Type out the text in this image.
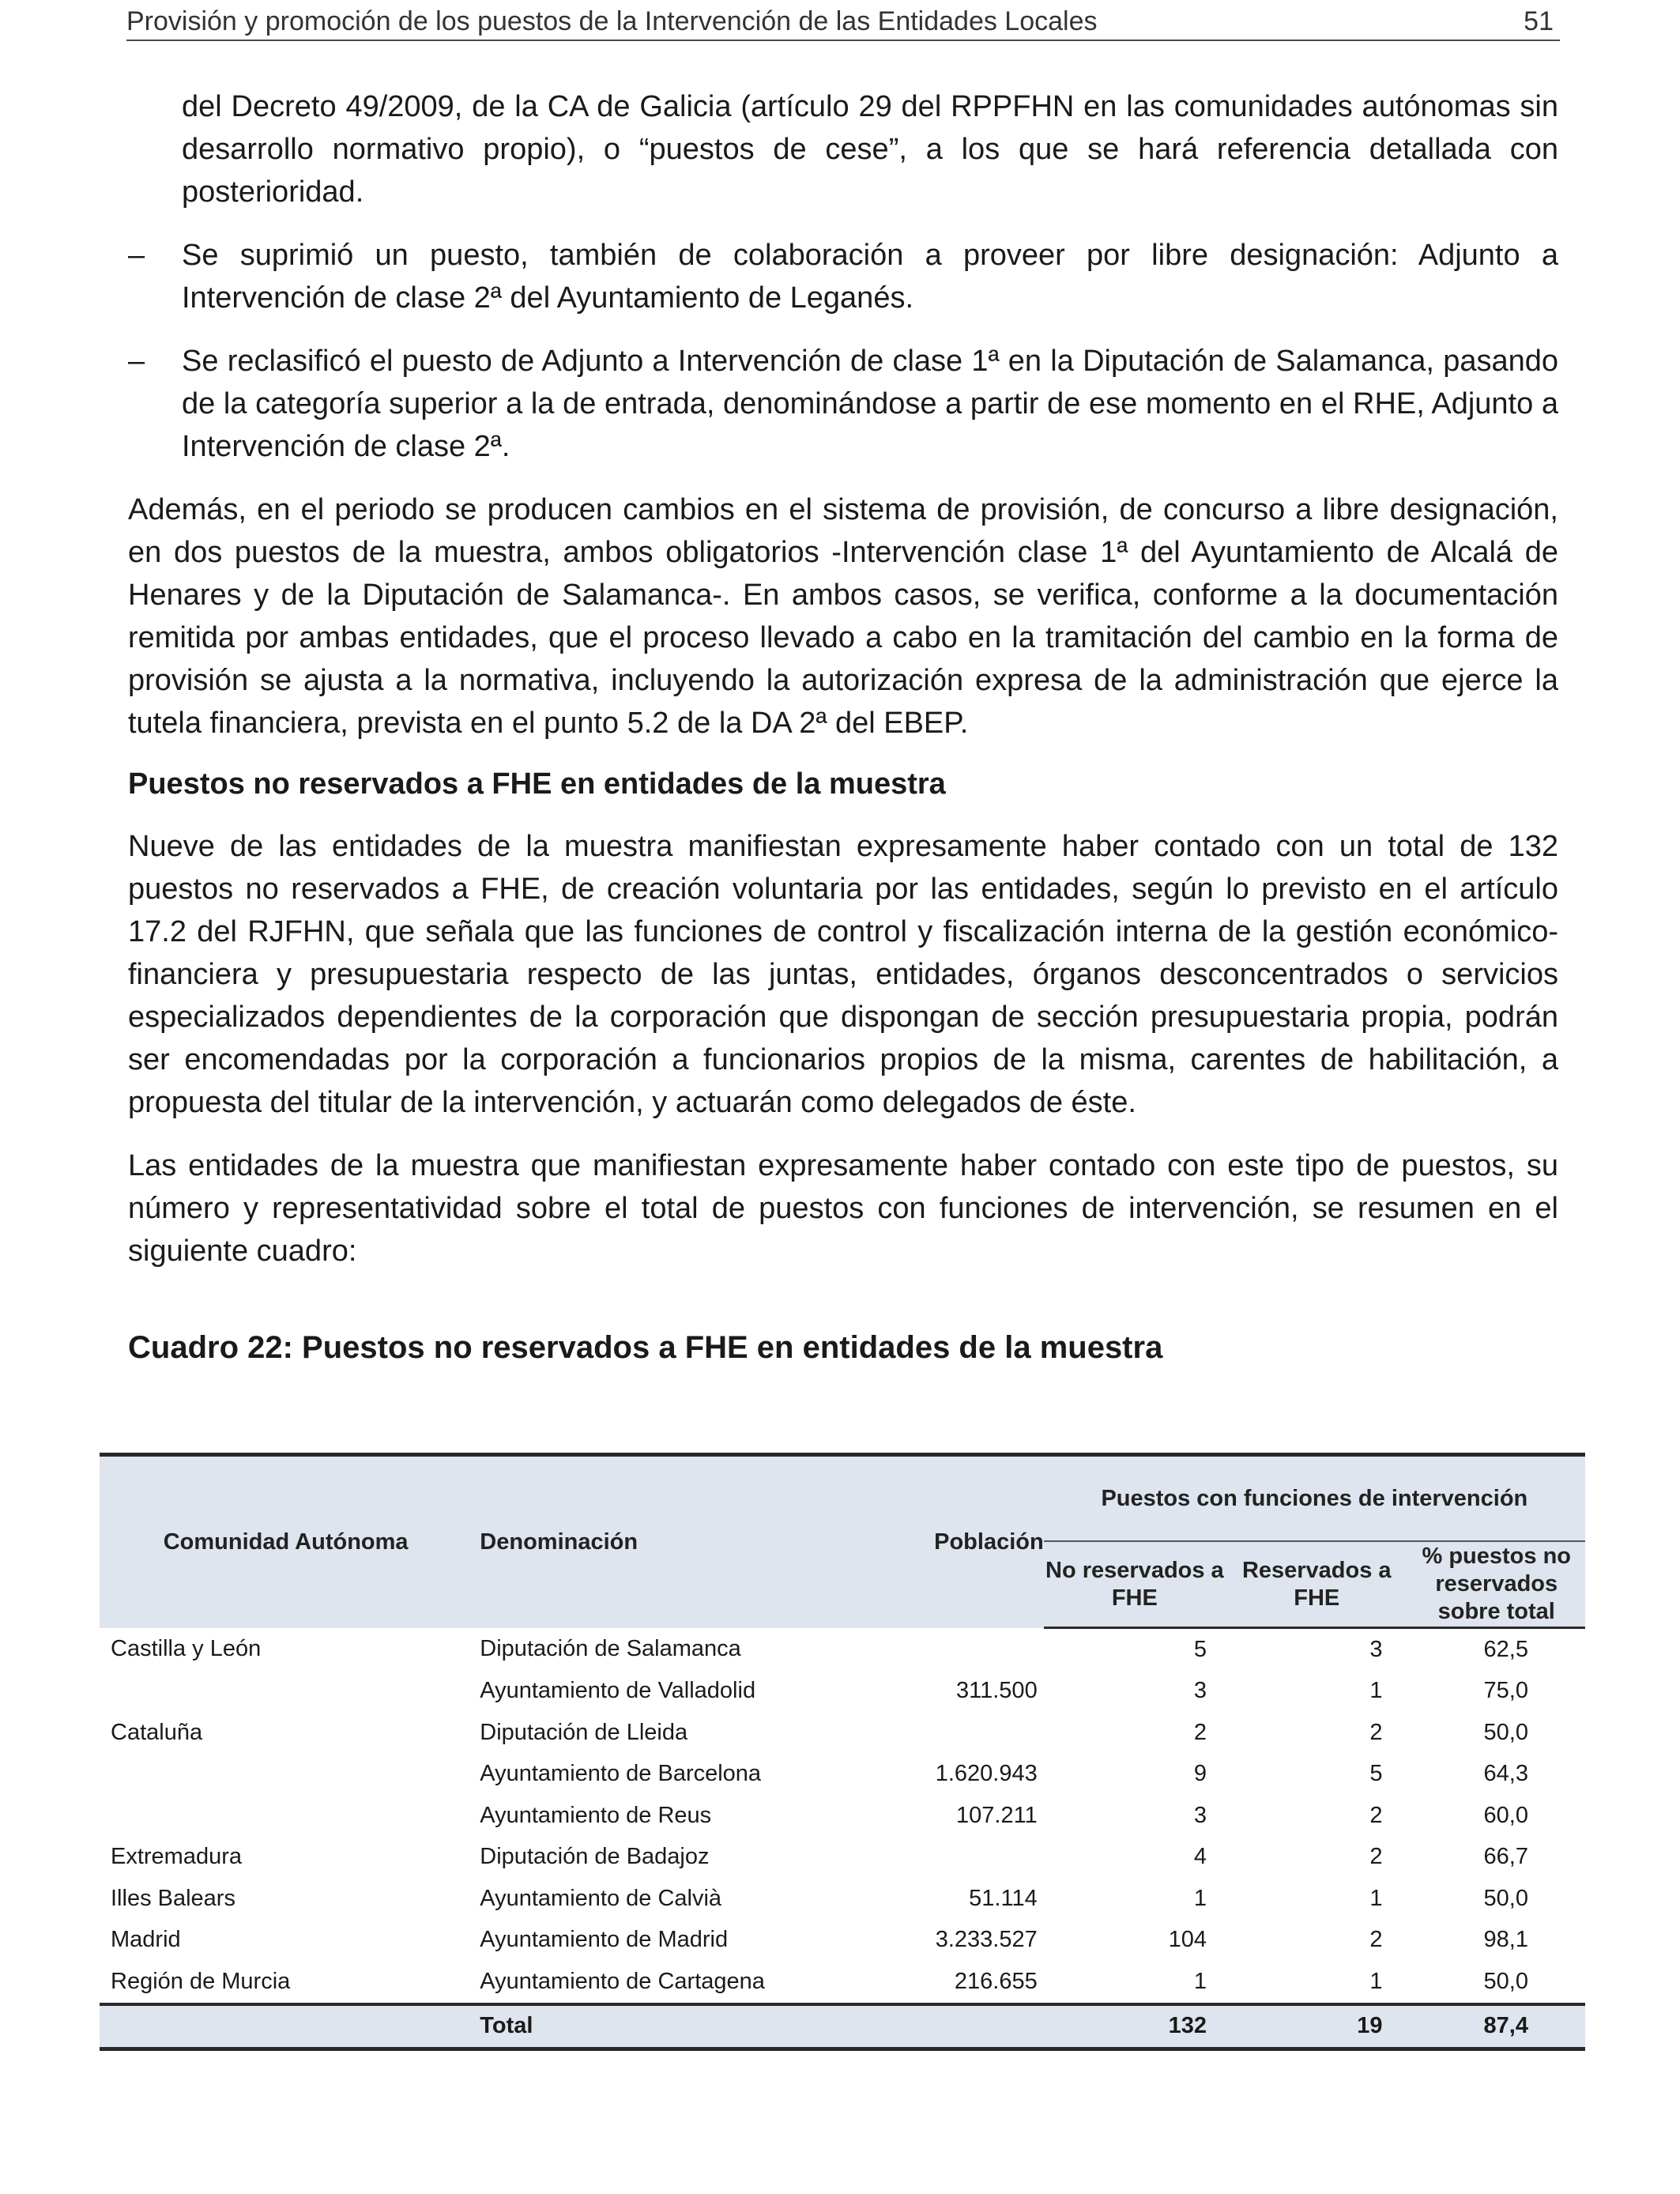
Provisión y promoción de los puestos de la Intervención de las Entidades Locales	51

del Decreto 49/2009, de la CA de Galicia (artículo 29 del RPPFHN en las comunidades autónomas sin desarrollo normativo propio), o “puestos de cese”, a los que se hará referencia detallada con posterioridad.

– Se suprimió un puesto, también de colaboración a proveer por libre designación: Adjunto a Intervención de clase 2ª del Ayuntamiento de Leganés.
– Se reclasificó el puesto de Adjunto a Intervención de clase 1ª en la Diputación de Salamanca, pasando de la categoría superior a la de entrada, denominándose a partir de ese momento en el RHE, Adjunto a Intervención de clase 2ª.

Además, en el periodo se producen cambios en el sistema de provisión, de concurso a libre designación, en dos puestos de la muestra, ambos obligatorios -Intervención clase 1ª del Ayuntamiento de Alcalá de Henares y de la Diputación de Salamanca-. En ambos casos, se verifica, conforme a la documentación remitida por ambas entidades, que el proceso llevado a cabo en la tramitación del cambio en la forma de provisión se ajusta a la normativa, incluyendo la autorización expresa de la administración que ejerce la tutela financiera, prevista en el punto 5.2 de la DA 2ª del EBEP.

Puestos no reservados a FHE en entidades de la muestra

Nueve de las entidades de la muestra manifiestan expresamente haber contado con un total de 132 puestos no reservados a FHE, de creación voluntaria por las entidades, según lo previsto en el artículo 17.2 del RJFHN, que señala que las funciones de control y fiscalización interna de la gestión económico-financiera y presupuestaria respecto de las juntas, entidades, órganos desconcentrados o servicios especializados dependientes de la corporación que dispongan de sección presupuestaria propia, podrán ser encomendadas por la corporación a funcionarios propios de la misma, carentes de habilitación, a propuesta del titular de la intervención, y actuarán como delegados de éste.

Las entidades de la muestra que manifiestan expresamente haber contado con este tipo de puestos, su número y representatividad sobre el total de puestos con funciones de intervención, se resumen en el siguiente cuadro:

Cuadro 22: Puestos no reservados a FHE en entidades de la muestra
Comunidad Autónoma	Denominación	Población	Puestos con funciones de intervención		
			No reservados a FHE	Reservados a FHE	% puestos no reservados sobre total
Castilla y León	Diputación de Salamanca		5	3	62,5
	Ayuntamiento de Valladolid	311.500	3	1	75,0
Cataluña	Diputación de Lleida		2	2	50,0
	Ayuntamiento de Barcelona	1.620.943	9	5	64,3
	Ayuntamiento de Reus	107.211	3	2	60,0
Extremadura	Diputación de Badajoz		4	2	66,7
Illes Balears	Ayuntamiento de Calvià	51.114	1	1	50,0
Madrid	Ayuntamiento de Madrid	3.233.527	104	2	98,1
Región de Murcia	Ayuntamiento de Cartagena	216.655	1	1	50,0
	Total		132	19	87,4
